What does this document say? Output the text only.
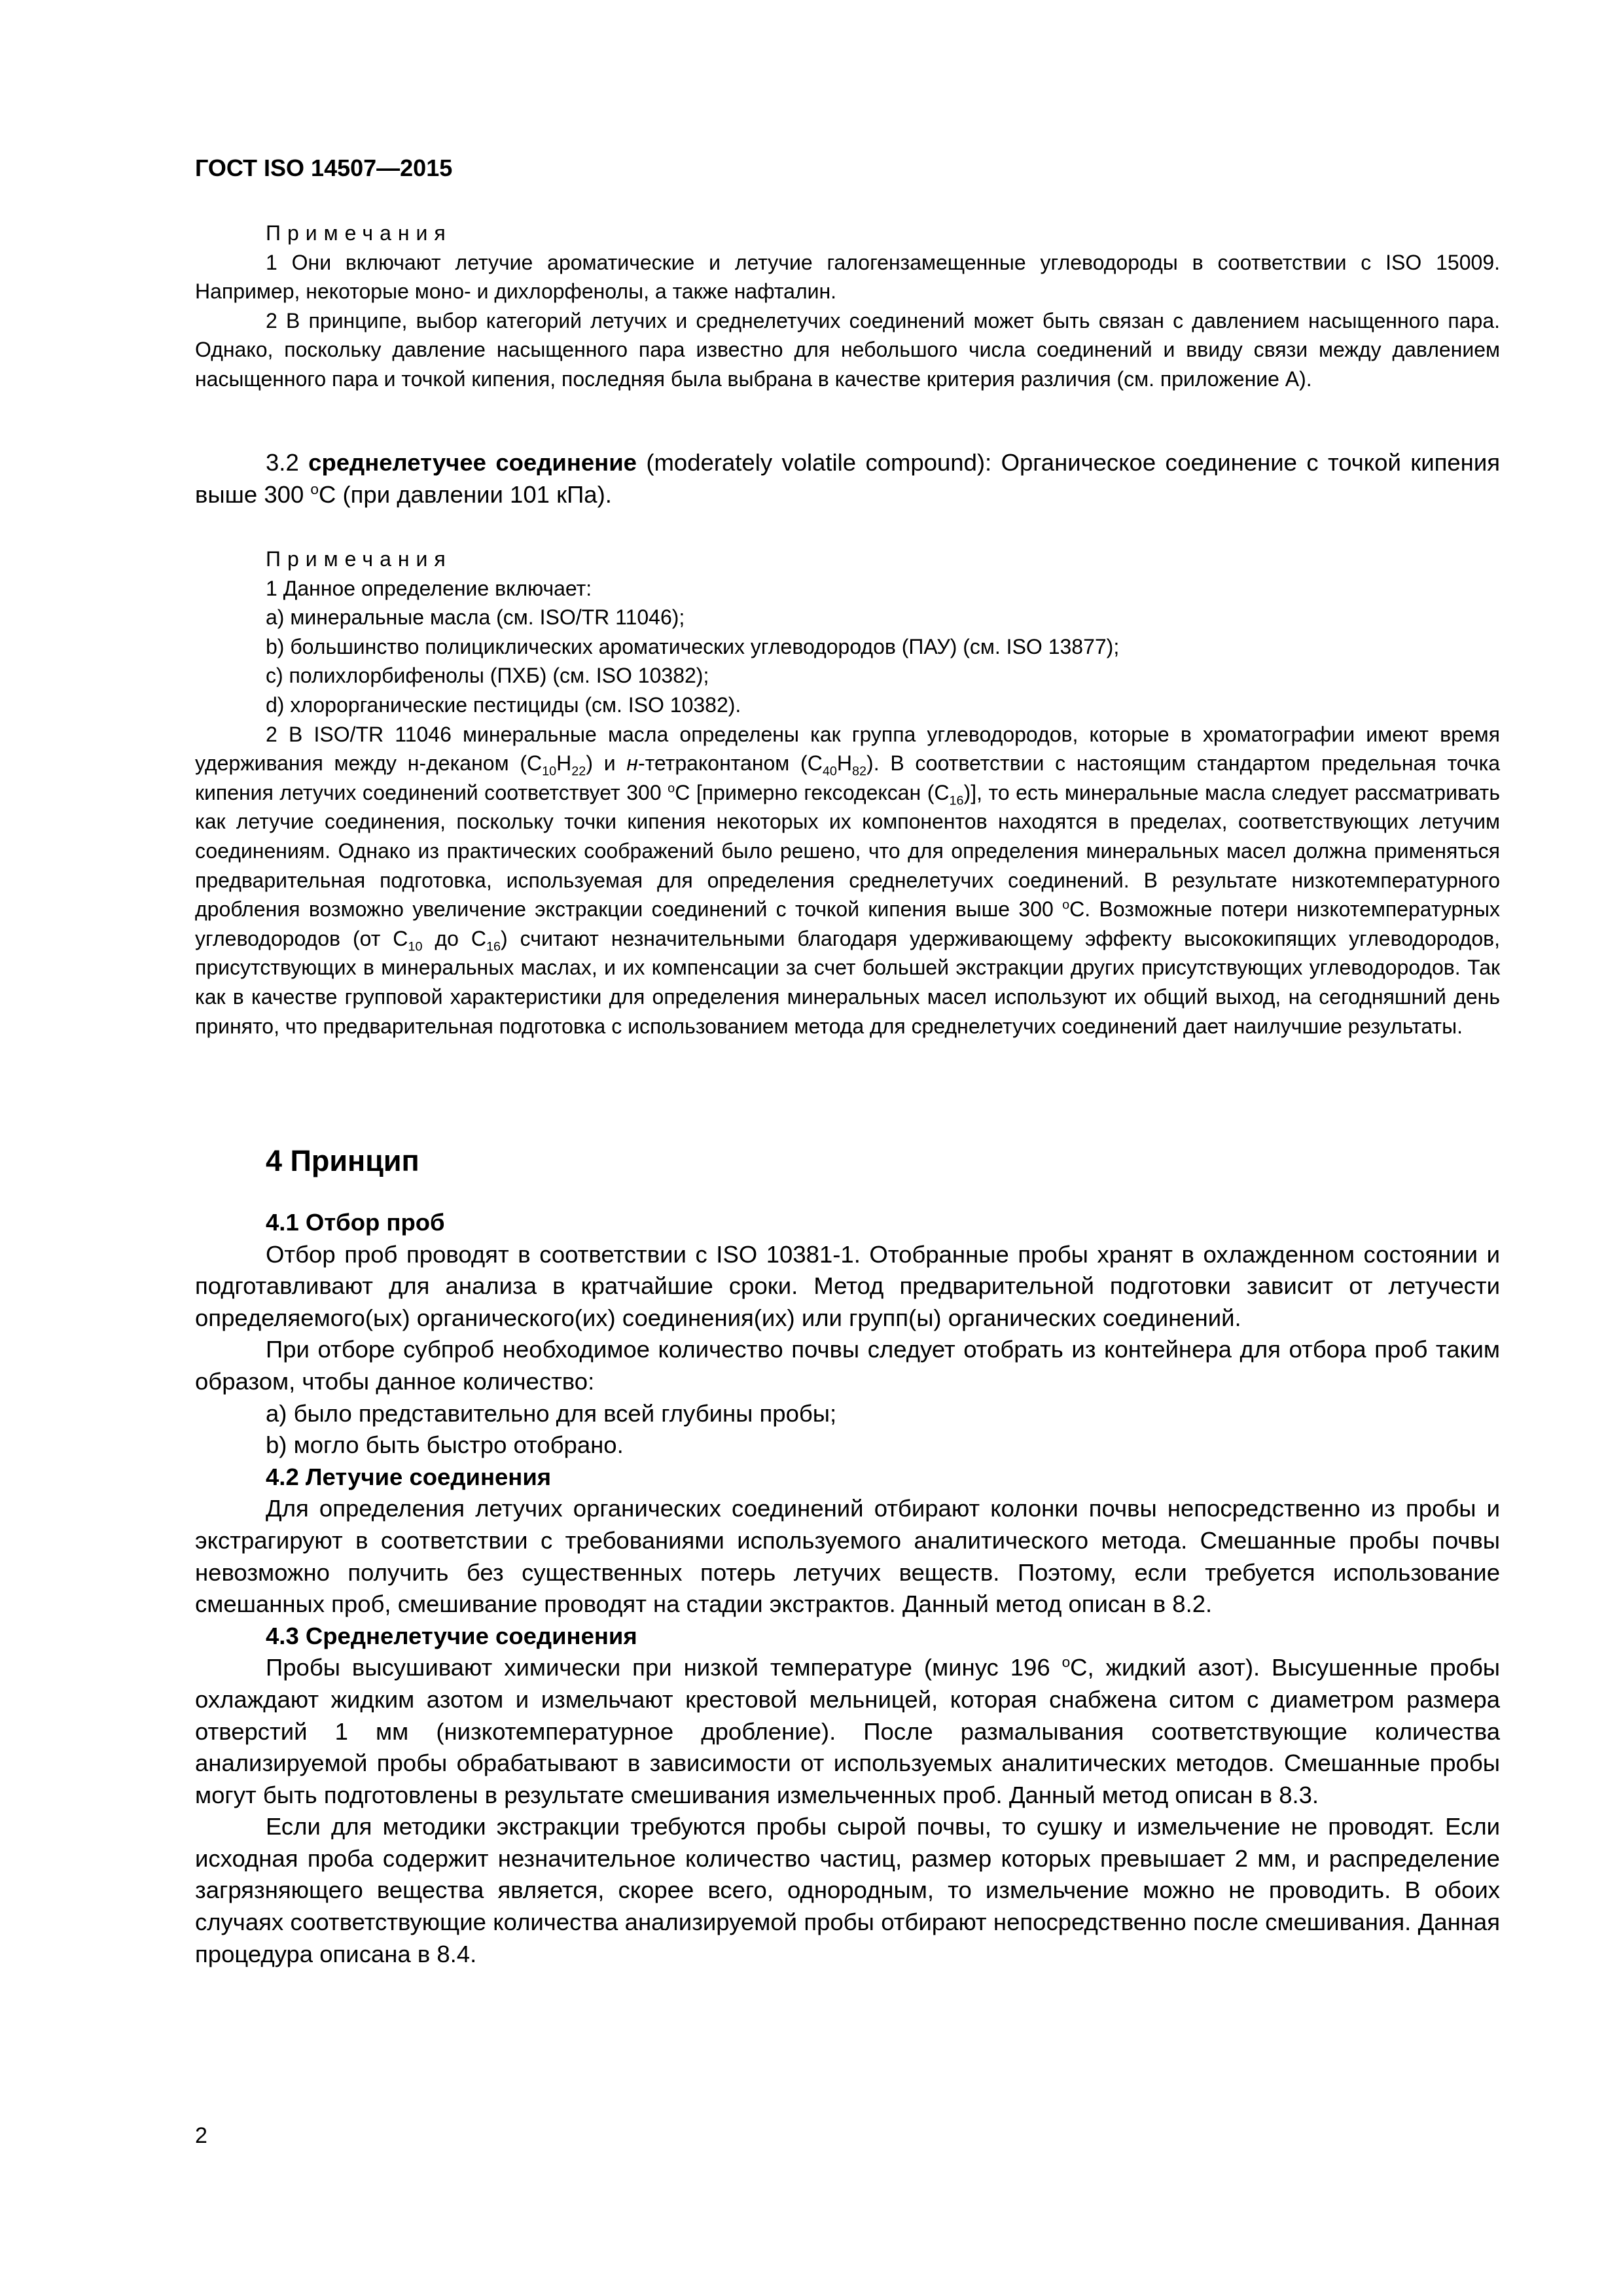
ГОСТ ISO 14507—2015

Примечания

1 Они включают летучие ароматические и летучие галогензамещенные углеводороды в соответствии с ISO 15009. Например, некоторые моно- и дихлорфенолы, а также нафталин.

2 В принципе, выбор категорий летучих и среднелетучих соединений может быть связан с давлением насыщенного пара. Однако, поскольку давление насыщенного пара известно для небольшого числа соединений и ввиду связи между давлением насыщенного пара и точкой кипения, последняя была выбрана в качестве критерия различия (см. приложение А).

3.2 среднелетучее соединение (moderately volatile compound): Органическое соединение с точкой кипения выше 300 $^o$С (при давлении 101 кПа).

Примечания

1 Данное определение включает:

a) минеральные масла (см. ISO/TR 11046);

b) большинство полициклических ароматических углеводородов (ПАУ) (см. ISO 13877);

c) полихлорбифенолы (ПХБ) (см. ISO 10382);

d) хлорорганические пестициды (см. ISO 10382).

2 В ISO/TR 11046 минеральные масла определены как группа углеводородов, которые в хроматографии имеют время удерживания между н-деканом $(С_{10}Н_{22})$ и н-тетраконтаном $(С_{40}Н_{82})$. В соответствии с настоящим стандартом предельная точка кипения летучих соединений соответствует 300 $^о$С [примерно гексодексан $(С_{16})$], то есть минеральные масла следует рассматривать как летучие соединения, поскольку точки кипения некоторых их компонентов находятся в пределах, соответствующих летучим соединениям. Однако из практических соображений было решено, что для определения минеральных масел должна применяться предварительная подготовка, используемая для определения среднелетучих соединений. В результате низкотемпературного дробления возможно увеличение экстракции соединений с точкой кипения выше 300 $^о$С. Возможные потери низкотемпературных углеводородов (от $С_{10}$ до $С_{16}$) считают незначительными благодаря удерживающему эффекту высококипящих углеводородов, присутствующих в минеральных маслах, и их компенсации за счет большей экстракции других присутствующих углеводородов. Так как в качестве групповой характеристики для определения минеральных масел используют их общий выход, на сегодняшний день принято, что предварительная подготовка с использованием метода для среднелетучих соединений дает наилучшие результаты.

4 Принцип

4.1 Отбор проб

Отбор проб проводят в соответствии с ISO 10381-1. Отобранные пробы хранят в охлажденном состоянии и подготавливают для анализа в кратчайшие сроки. Метод предварительной подготовки зависит от летучести определяемого(ых) органического(их) соединения(их) или групп(ы) органических соединений.

При отборе субпроб необходимое количество почвы следует отобрать из контейнера для отбора проб таким образом, чтобы данное количество:

a) было представительно для всей глубины пробы;

b) могло быть быстро отобрано.

4.2 Летучие соединения

Для определения летучих органических соединений отбирают колонки почвы непосредственно из пробы и экстрагируют в соответствии с требованиями используемого аналитического метода. Смешанные пробы почвы невозможно получить без существенных потерь летучих веществ. Поэтому, если требуется использование смешанных проб, смешивание проводят на стадии экстрактов. Данный метод описан в 8.2.

4.3 Среднелетучие соединения

Пробы высушивают химически при низкой температуре (минус 196 $^о$С, жидкий азот). Высушенные пробы охлаждают жидким азотом и измельчают крестовой мельницей, которая снабжена ситом с диаметром размера отверстий 1 мм (низкотемпературное дробление). После размалывания соответствующие количества анализируемой пробы обрабатывают в зависимости от используемых аналитических методов. Смешанные пробы могут быть подготовлены в результате смешивания измельченных проб. Данный метод описан в 8.3.

Если для методики экстракции требуются пробы сырой почвы, то сушку и измельчение не проводят. Если исходная проба содержит незначительное количество частиц, размер которых превышает 2 мм, и распределение загрязняющего вещества является, скорее всего, однородным, то измельчение можно не проводить. В обоих случаях соответствующие количества анализируемой пробы отбирают непосредственно после смешивания. Данная процедура описана в 8.4.

2
